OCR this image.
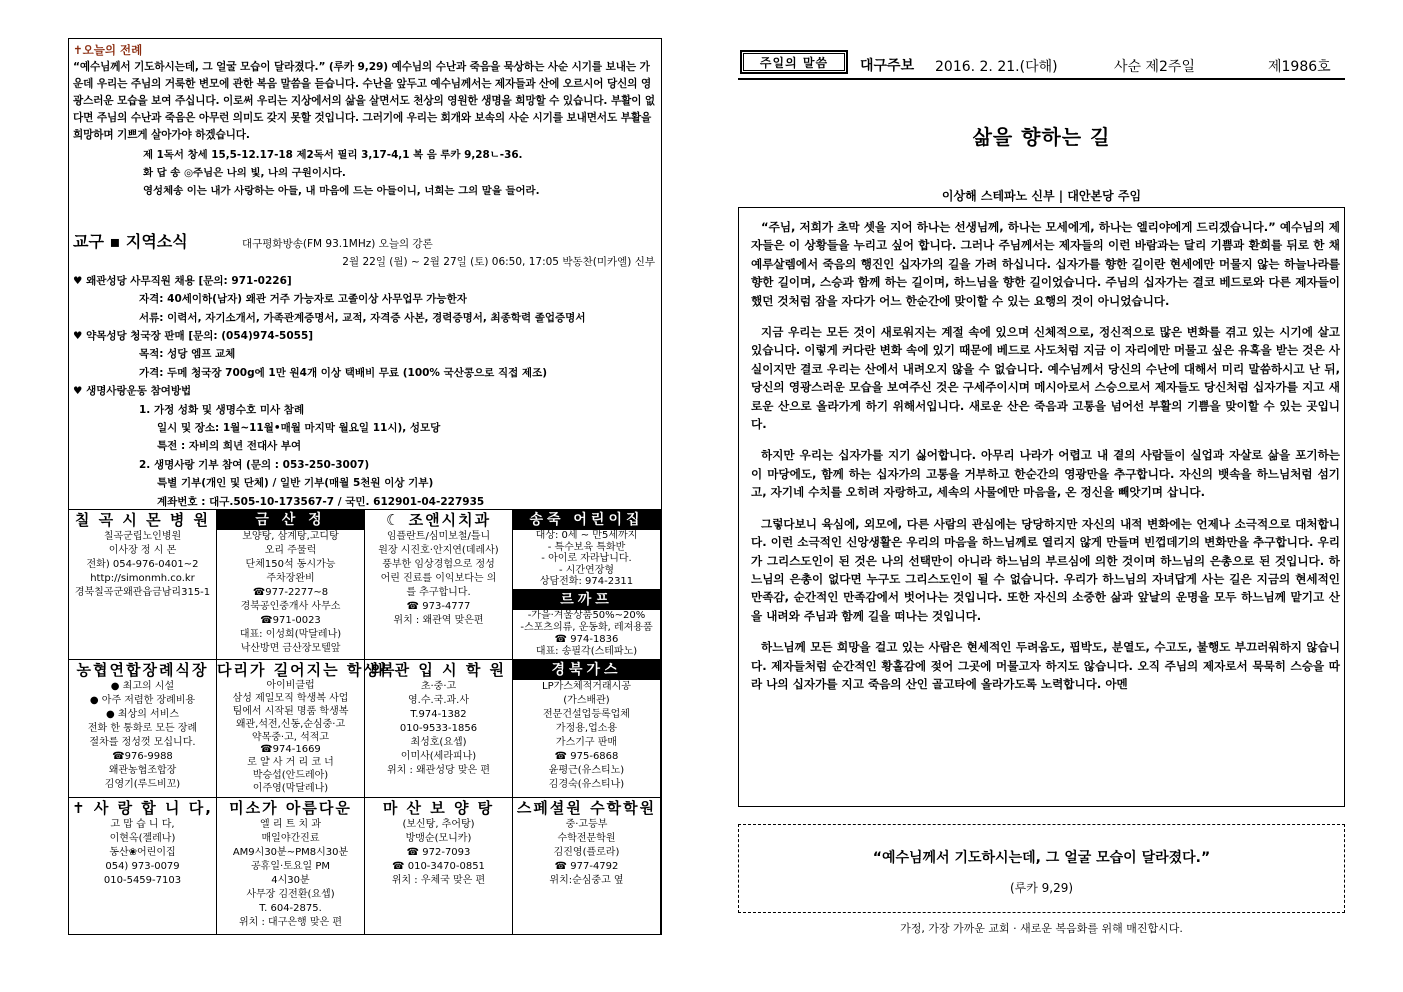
✝오늘의 전례
“예수님께서 기도하시는데, 그 얼굴 모습이 달라졌다.” (루카 9,29) 예수님의 수난과 죽음을 묵상하는 사순 시기를 보내는 가운데 우리는 주님의 거룩한 변모에 관한 복음 말씀을 듣습니다. 수난을 앞두고 예수님께서는 제자들과 산에 오르시어 당신의 영광스러운 모습을 보여 주십니다. 이로써 우리는 지상에서의 삶을 살면서도 천상의 영원한 생명을 희망할 수 있습니다. 부활이 없다면 주님의 수난과 죽음은 아무런 의미도 갖지 못할 것입니다. 그러기에 우리는 회개와 보속의 사순 시기를 보내면서도 부활을 희망하며 기쁘게 살아가야 하겠습니다.
제 1독서 창세 15,5-12.17-18 제2독서 필리 3,17-4,1 복 음 루카 9,28ㄴ-36.
화 답 송 ◎주님은 나의 빛, 나의 구원이시다.
영성체송 이는 내가 사랑하는 아들, 내 마음에 드는 아들이니, 너희는 그의 말을 들어라.
교구 ▪ 지역소식	대구평화방송(FM 93.1MHz) 오늘의 강론
2월 22일 (월) ~ 2월 27일 (토) 06:50, 17:05 박동찬(미카엘) 신부
♥ 왜관성당 사무직원 채용 [문의: 971-0226]
자격: 40세이하(남자) 왜관 거주 가능자로 고졸이상 사무업무 가능한자
서류: 이력서, 자기소개서, 가족관계증명서, 교적, 자격증 사본, 경력증명서, 최종학력 졸업증명서
♥ 약목성당 청국장 판매 [문의: (054)974-5055]
목적: 성당 엠프 교체
가격: 두메 청국장 700g에 1만 원4개 이상 택배비 무료 (100% 국산콩으로 직접 제조)
♥ 생명사랑운동 참여방법
1. 가정 성화 및 생명수호 미사 참례
일시 및 장소: 1월~11월•매월 마지막 월요일 11시), 성모당
특전 : 자비의 희년 전대사 부여
2. 생명사랑 기부 참여 (문의 : 053-250-3007)
특별 기부(개인 및 단체) / 일반 기부(매월 5천원 이상 기부)
계좌번호 : 대구.505-10-173567-7 / 국민. 612901-04-227935
칠 곡 시 몬 병 원
칠곡군립노인병원
이사장 정 시 몬
전화) 054-976-0401~2
http://simonmh.co.kr
경북칠곡군왜관읍금남리315-1
금 산 정
보양탕, 삼계탕,고디탕
오리 주물럭
단체150석 동시가능
주차장완비
☎977-2277~8
경북공인중개사 사무소
☎971-0023
대표: 이성희(막달레나)
낙산방면 금산장모텔앞
☾ 조앤시치과
임플란트/심미보철/틀니
원장 시진호·안지연(데레사)
풍부한 임상경험으로 정성
어린 진료를 이익보다는 의
를 추구합니다.
☎ 973-4777
위치 : 왜관역 맞은편
송죽 어린이집
대상: 0세 ~ 만5세까지
- 특수보육 특화반
- 아이로 자라납니다.
- 시간연장형
상담전화: 974-2311
르까프
-가을·겨울상품50%~20%
-스포츠의류, 운동화, 레져용품
☎ 974-1836
대표: 송필각(스테파노)
농협연합장례식장
● 최고의 시설
● 아주 저렴한 장례비용
● 최상의 서비스
전화 한 통화로 모든 장례
절차를 정성껏 모십니다.
☎976-9988
왜관농협조합장
김영기(루드비꼬)
다리가 길어지는 학생복
아이비클럽
삼성 제일모직 학생복 사업
팀에서 시작된 명품 학생복
왜관,석전,신동,순심중·고
약목중·고, 석적고
☎974-1669
로 얄 사 거 리 코 너
박승섭(안드레아)
이주영(막달레나)
왜 관 입 시 학 원
초·중·고
영.수.국.과.사
T.974-1382
010-9533-1856
최성호(요셉)
이미사(세라피나)
위치 : 왜관성당 맞은 편
경북가스
LP가스체적거래시공
(가스배관)
전문건설업등록업체
가정용,업소용
가스기구 판매
☎ 975-6868
윤평근(유스티노)
김경숙(유스티나)
✝ 사 랑 합 니 다,
고 맙 습 니 다,
이현옥(젤레나)
동산❀어린이집
054) 973-0079
010-5459-7103
미소가 아름다운
엘 리 트 치 과
매일야간진료
AM9시30분~PM8시30분
공휴일·토요일 PM
4시30분
사무장 김전환(요셉)
T. 604-2875.
위치 : 대구은행 맞은 편
마 산 보 양 탕
(보신탕, 추어탕)
방맹순(모니카)
☎ 972-7093
☎ 010-3470-0851
위치 : 우체국 맞은 편
스페셜원 수학학원
중·고등부
수학전문학원
김진영(플로라)
☎ 977-4792
위치:순심중고 옆
주일의 말씀	대구주보 2016. 2. 21.(다해)	사순 제2주일	제1986호
삶을 향하는 길
이상해 스테파노 신부 | 대안본당 주임

“주님, 저희가 초막 셋을 지어 하나는 선생님께, 하나는 모세에게, 하나는 엘리야에게 드리겠습니다.” 예수님의 제자들은 이 상황들을 누리고 싶어 합니다. 그러나 주님께서는 제자들의 이런 바람과는 달리 기쁨과 환희를 뒤로 한 채 예루살렘에서 죽음의 행진인 십자가의 길을 가려 하십니다. 십자가를 향한 길이란 현세에만 머물지 않는 하늘나라를 향한 길이며, 스승과 함께 하는 길이며, 하느님을 향한 길이었습니다. 주님의 십자가는 결코 베드로와 다른 제자들이 했던 것처럼 잠을 자다가 어느 한순간에 맞이할 수 있는 요행의 것이 아니었습니다.

지금 우리는 모든 것이 새로워지는 계절 속에 있으며 신체적으로, 정신적으로 많은 변화를 겪고 있는 시기에 살고 있습니다. 이렇게 커다란 변화 속에 있기 때문에 베드로 사도처럼 지금 이 자리에만 머물고 싶은 유혹을 받는 것은 사실이지만 결코 우리는 산에서 내려오지 않을 수 없습니다. 예수님께서 당신의 수난에 대해서 미리 말씀하시고 난 뒤, 당신의 영광스러운 모습을 보여주신 것은 구세주이시며 메시아로서 스승으로서 제자들도 당신처럼 십자가를 지고 새로운 산으로 올라가게 하기 위해서입니다. 새로운 산은 죽음과 고통을 넘어선 부활의 기쁨을 맞이할 수 있는 곳입니다.

하지만 우리는 십자가를 지기 싫어합니다. 아무리 나라가 어렵고 내 곁의 사람들이 실업과 자살로 삶을 포기하는 이 마당에도, 함께 하는 십자가의 고통을 거부하고 한순간의 영광만을 추구합니다. 자신의 뱃속을 하느님처럼 섬기고, 자기네 수치를 오히려 자랑하고, 세속의 사물에만 마음을, 온 정신을 빼앗기며 삽니다.

그렇다보니 육심에, 외모에, 다른 사람의 관심에는 당당하지만 자신의 내적 변화에는 언제나 소극적으로 대처합니다. 이런 소극적인 신앙생활은 우리의 마음을 하느님께로 열리지 않게 만들며 빈껍데기의 변화만을 추구합니다. 우리가 그리스도인이 된 것은 나의 선택만이 아니라 하느님의 부르심에 의한 것이며 하느님의 은총으로 된 것입니다. 하느님의 은총이 없다면 누구도 그리스도인이 될 수 없습니다. 우리가 하느님의 자녀답게 사는 길은 지금의 현세적인 만족감, 순간적인 만족감에서 벗어나는 것입니다. 또한 자신의 소중한 삶과 앞날의 운명을 모두 하느님께 맡기고 산을 내려와 주님과 함께 길을 떠나는 것입니다.

하느님께 모든 희망을 걸고 있는 사람은 현세적인 두려움도, 핍박도, 분열도, 수고도, 불행도 부끄러워하지 않습니다. 제자들처럼 순간적인 황홀감에 젖어 그곳에 머물고자 하지도 않습니다. 오직 주님의 제자로서 묵묵히 스승을 따라 나의 십자가를 지고 죽음의 산인 골고타에 올라가도록 노력합니다. 아멘

“예수님께서 기도하시는데, 그 얼굴 모습이 달라졌다.”
(루카 9,29)
가정, 가장 가까운 교회 · 새로운 복음화를 위해 매진합시다.
